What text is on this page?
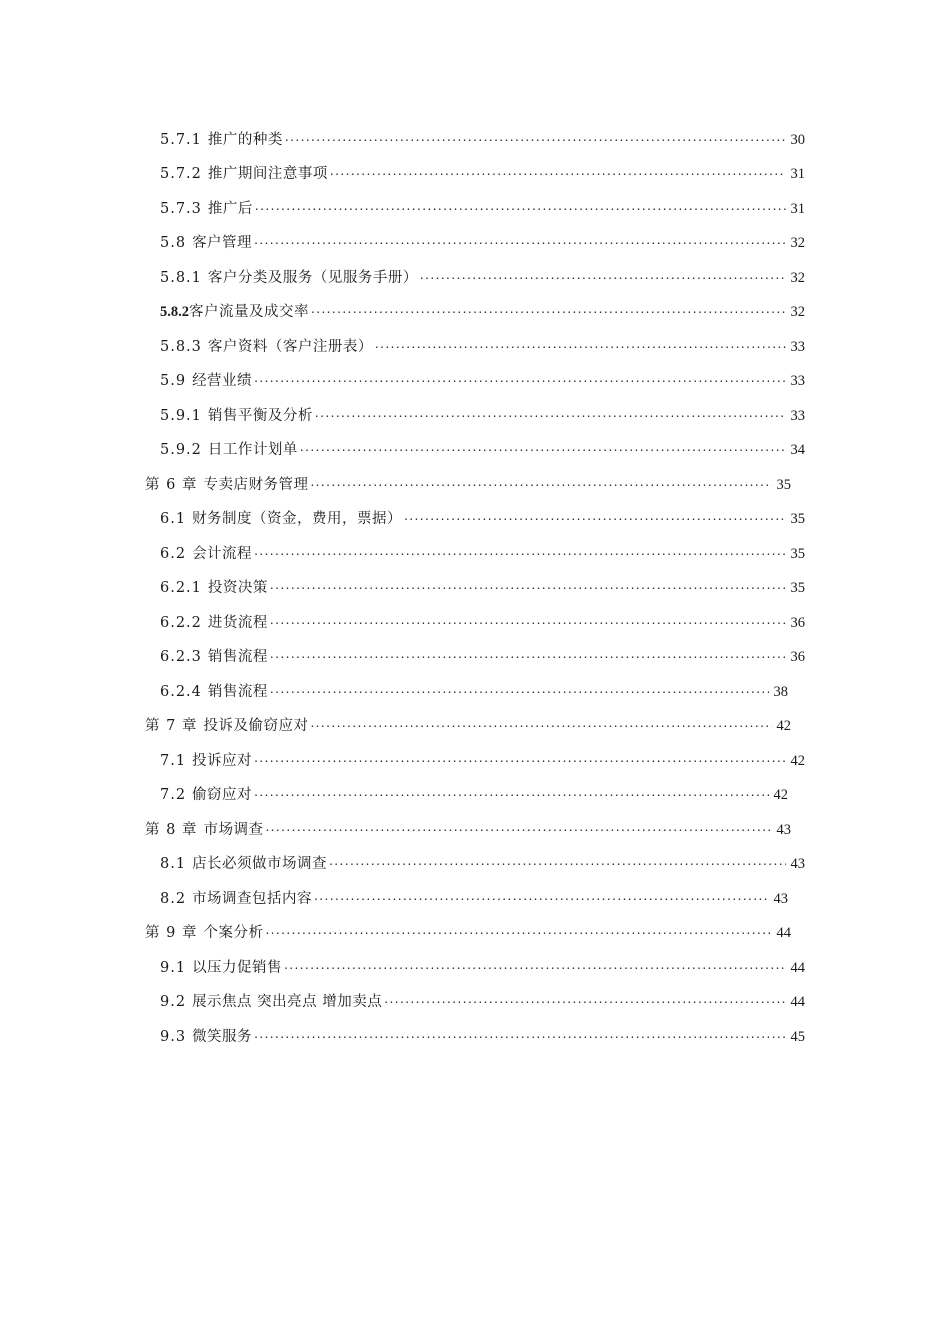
5.7.1 推广的种类 . . .	30
5.7.2 推广期间注意事项 . . .	31
5.7.3 推广后 . . .	31
5.8 客户管理 . . .	32
5.8.1 客户分类及服务（见服务手册） . . .	32
5.8.2 客户流量及成交率 . . .	32
5.8.3 客户资料（客户注册表） . . .	33
5.9 经营业绩 . . .	33
5.9.1 销售平衡及分析 . . .	33
5.9.2 日工作计划单 . . .	34
第 6 章 专卖店财务管理 . . .	35
6.1 财务制度（资金，费用，票据） . . .	35
6.2 会计流程 . . .	35
6.2.1 投资决策 . . .	35
6.2.2 进货流程 . . .	36
6.2.3 销售流程 . . .	36
6.2.4 销售流程 . . .	38
第 7 章 投诉及偷窃应对 . . .	42
7.1 投诉应对 . . .	42
7.2 偷窃应对 . . .	42
第 8 章 市场调查 . . .	43
8.1 店长必须做市场调查 . . .	43
8.2 市场调查包括内容 . . .	43
第 9 章 个案分析 . . .	44
9.1 以压力促销售 . . .	44
9.2 展示焦点 突出亮点 增加卖点 . . .	44
9.3 微笑服务 . . .	45
